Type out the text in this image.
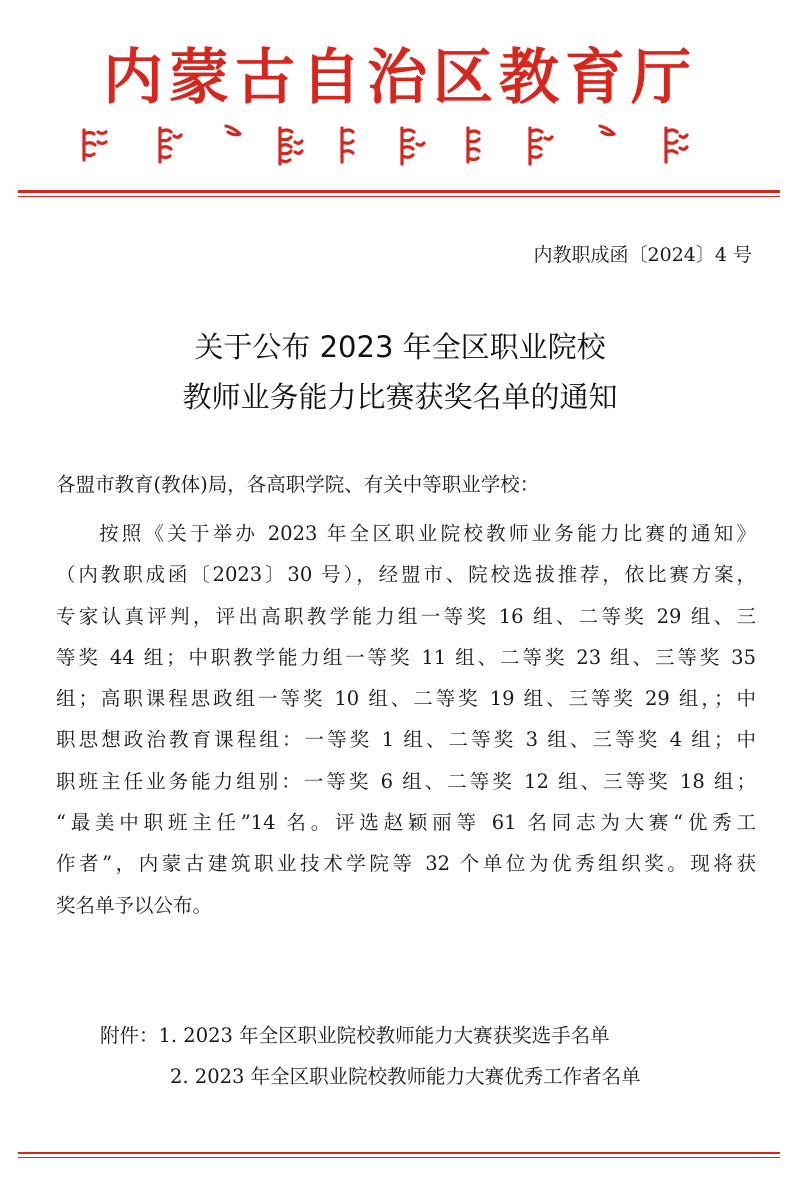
内蒙古自治区教育厅
内教职成函〔2024〕4 号
关于公布 2023 年全区职业院校
教师业务能力比赛获奖名单的通知
各盟市教育(教体)局，各高职学院、有关中等职业学校：
按照《关于举办 2023 年全区职业院校教师业务能力比赛的通知》
（内教职成函〔2023〕30 号），经盟市、院校选拔推荐，依比赛方案，
专家认真评判，评出高职教学能力组一等奖 16 组、二等奖 29 组、三
等奖 44 组；中职教学能力组一等奖 11 组、二等奖 23 组、三等奖 35
组；高职课程思政组一等奖 10 组、二等奖 19 组、三等奖 29 组，；中
职思想政治教育课程组：一等奖 1 组、二等奖 3 组、三等奖 4 组；中
职班主任业务能力组别：一等奖 6 组、二等奖 12 组、三等奖 18 组；
“最美中职班主任”14 名。评选赵颖丽等 61 名同志为大赛“优秀工
作者”，内蒙古建筑职业技术学院等 32 个单位为优秀组织奖。现将获
奖名单予以公布。
附件：1. 2023 年全区职业院校教师能力大赛获奖选手名单
2. 2023 年全区职业院校教师能力大赛优秀工作者名单
